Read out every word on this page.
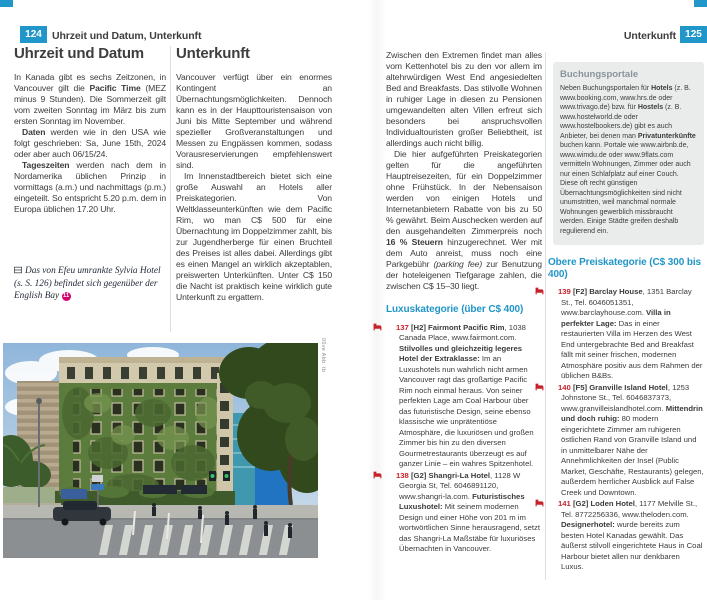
124 Uhrzeit und Datum, Unterkunft	Unterkunft 125
Uhrzeit und Datum

In Kanada gibt es sechs Zeitzonen, in Vancouver gilt die Pacific Time (MEZ minus 9 Stunden). Die Sommerzeit gilt vom zweiten Sonntag im März bis zum ersten Sonntag im November.

Daten werden wie in den USA wie folgt geschrieben: Sa, June 15th, 2024 oder aber auch 06/15/24.

Tageszeiten werden nach dem in Nordamerika üblichen Prinzip in vormittags (a.m.) und nachmittags (p.m.) eingeteilt. So entspricht 5.20 p.m. dem in Europa üblichen 17.20 Uhr.

Das von Efeu umrankte Sylvia Hotel (s. S. 126) befindet sich gegenüber der English Bay 11
Unterkunft

Vancouver verfügt über ein enormes Kontingent an Übernachtungsmöglichkeiten. Dennoch kann es in der Haupttouristensaison von Juni bis Mitte September und während spezieller Großveranstaltungen und Messen zu Engpässen kommen, sodass Vorausreservierungen empfehlenswert sind.

Im Innenstadtbereich bietet sich eine große Auswahl an Hotels aller Preiskategorien. Von Weltklasseunterkünften wie dem Pacific Rim, wo man C$ 500 für eine Übernachtung im Doppelzimmer zahlt, bis zur Jugendherberge für einen Bruchteil des Preises ist alles dabei. Allerdings gibt es einen Mangel an wirklich akzeptablen, preiswerten Unterkünften. Unter C$ 150 die Nacht ist praktisch keine wirklich gute Unterkunft zu ergattern.

05ve Abb. tb

Zwischen den Extremen findet man alles vom Kettenhotel bis zu den vor allem im altehrwürdigen West End angesiedelten Bed and Breakfasts. Das stilvolle Wohnen in ruhiger Lage in diesen zu Pensionen umgewandelten alten Villen erfreut sich besonders bei anspruchsvollen Individualtouristen großer Beliebtheit, ist allerdings auch nicht billig.

Die hier aufgeführten Preiskategorien gelten für die angeführten Hauptreisezeiten, für ein Doppelzimmer ohne Frühstück. In der Nebensaison werden von einigen Hotels und Internetanbietern Rabatte von bis zu 50 % gewährt. Beim Auschecken werden auf den ausgehandelten Zimmerpreis noch 16 % Steuern hinzugerechnet. Wer mit dem Auto anreist, muss noch eine Parkgebühr (parking fee) zur Benutzung der hoteleigenen Tiefgarage zahlen, die zwischen C$ 15–30 liegt.

Luxuskategorie (über C$ 400)
137 [H2] Fairmont Pacific Rim, 1038 Canada Place, www.fairmont.com. Stilvolles und gleichzeitig legeres Hotel der Extraklasse: Im an Luxushotels nun wahrlich nicht armen Vancouver ragt das großartige Pacific Rim noch einmal heraus. Von seiner perfekten Lage am Coal Harbour über das futuristische Design, seine ebenso klassische wie unprätentiöse Atmosphäre, die luxuriösen und großen Zimmer bis hin zu den diversen Gourmetrestaurants überzeugt es auf ganzer Linie – ein wahres Spitzenhotel.
138 [G2] Shangri-La Hotel, 1128 W Georgia St, Tel. 6046891120, www.shangri-la.com. Futuristisches Luxushotel: Mit seinem modernen Design und einer Höhe von 201 m im wortwörtlichen Sinne herausragend, setzt das Shangri-La Maßstäbe für luxuriöses Übernachten in Vancouver.
Buchungsportale
Neben Buchungsportalen für Hotels (z. B. www.booking.com, www.hrs.de oder www.trivago.de) bzw. für Hostels (z. B. www.hostelworld.de oder www.hostelbookers.de) gibt es auch Anbieter, bei denen man Privatunterkünfte buchen kann. Portale wie www.airbnb.de, www.wimdu.de oder www.9flats.com vermitteln Wohnungen, Zimmer oder auch nur einen Schlafplatz auf einer Couch. Diese oft recht günstigen Übernachtungsmöglichkeiten sind nicht unumstritten, weil manchmal normale Wohnungen gewerblich missbraucht werden. Einige Städte greifen deshalb regulierend ein.
Obere Preiskategorie (C$ 300 bis 400)
139 [F2] Barclay House, 1351 Barclay St., Tel. 6046051351, www.barclayhouse.com. Villa in perfekter Lage: Das in einer restaurierten Villa im Herzen des West End untergebrachte Bed and Breakfast fällt mit seiner frischen, modernen Atmosphäre positiv aus dem Rahmen der üblichen B&Bs.
140 [F5] Granville Island Hotel, 1253 Johnstone St., Tel. 6046837373, www.granvilleislandhotel.com. Mittendrin und doch ruhig: 80 modern eingerichtete Zimmer am ruhigeren östlichen Rand von Granville Island und in unmittelbarer Nähe der Annehmlichkeiten der Insel (Public Market, Geschäfte, Restaurants) gelegen, außerdem herrlicher Ausblick auf False Creek und Downtown.
141 [G2] Loden Hotel, 1177 Melville St., Tel. 8772256336, www.theloden.com. Designerhotel: wurde bereits zum besten Hotel Kanadas gewählt. Das äußerst stilvoll eingerichtete Haus in Coal Harbour bietet allen nur denkbaren Luxus.
